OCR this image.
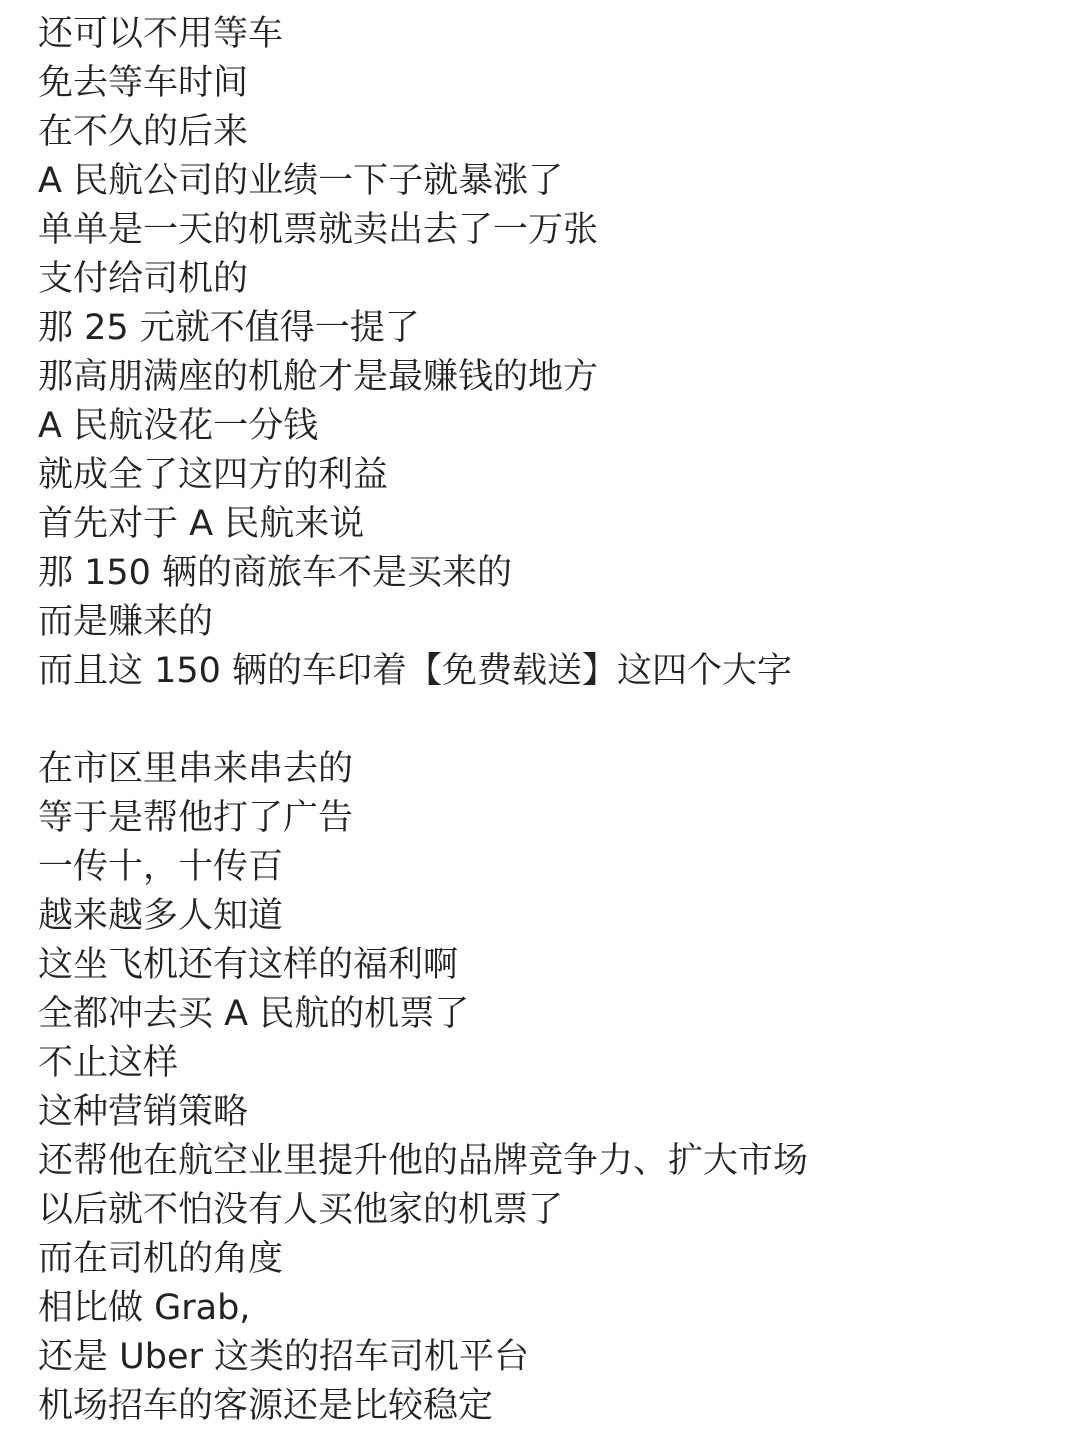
还可以不用等车
免去等车时间
在不久的后来
A 民航公司的业绩一下子就暴涨了
单单是一天的机票就卖出去了一万张
支付给司机的
那 25 元就不值得一提了
那高朋满座的机舱才是最赚钱的地方
A 民航没花一分钱
就成全了这四方的利益
首先对于 A 民航来说
那 150 辆的商旅车不是买来的
而是赚来的
而且这 150 辆的车印着【免费载送】这四个大字
在市区里串来串去的
等于是帮他打了广告
一传十，十传百
越来越多人知道
这坐飞机还有这样的福利啊
全都冲去买 A 民航的机票了
不止这样
这种营销策略
还帮他在航空业里提升他的品牌竞争力、扩大市场
以后就不怕没有人买他家的机票了
而在司机的角度
相比做 Grab,
还是 Uber 这类的招车司机平台
机场招车的客源还是比较稳定
